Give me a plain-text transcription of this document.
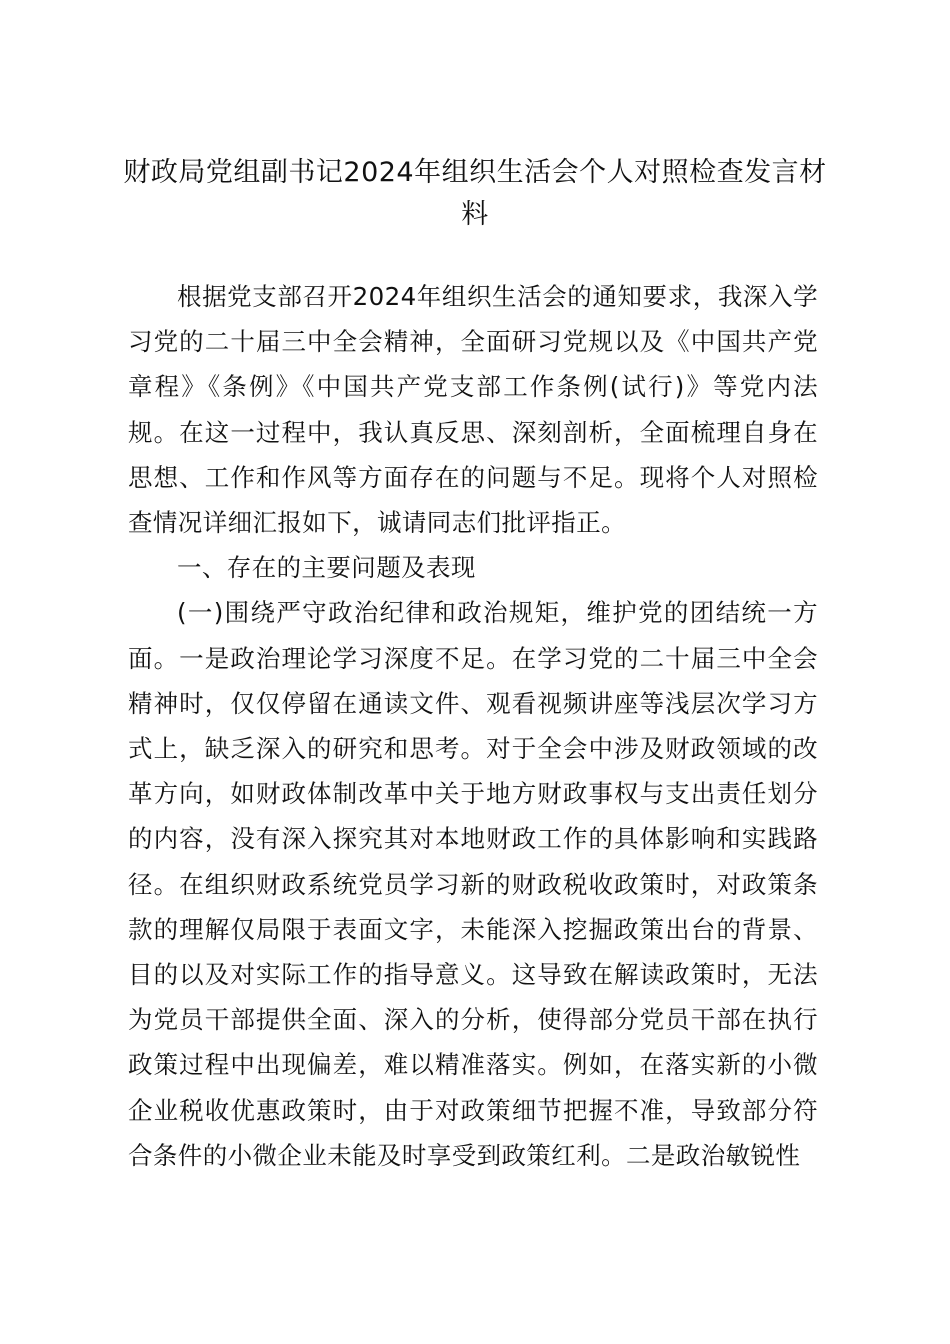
财政局党组副书记2024年组织生活会个人对照检查发言材料

根据党支部召开2024年组织生活会的通知要求，我深入学习党的二十届三中全会精神，全面研习党规以及《中国共产党章程》《条例》《中国共产党支部工作条例(试行)》等党内法规。在这一过程中，我认真反思、深刻剖析，全面梳理自身在思想、工作和作风等方面存在的问题与不足。现将个人对照检查情况详细汇报如下，诚请同志们批评指正。

一、存在的主要问题及表现

(一)围绕严守政治纪律和政治规矩，维护党的团结统一方面。一是政治理论学习深度不足。在学习党的二十届三中全会精神时，仅仅停留在通读文件、观看视频讲座等浅层次学习方式上，缺乏深入的研究和思考。对于全会中涉及财政领域的改革方向，如财政体制改革中关于地方财政事权与支出责任划分的内容，没有深入探究其对本地财政工作的具体影响和实践路径。在组织财政系统党员学习新的财政税收政策时，对政策条款的理解仅局限于表面文字，未能深入挖掘政策出台的背景、目的以及对实际工作的指导意义。这导致在解读政策时，无法为党员干部提供全面、深入的分析，使得部分党员干部在执行政策过程中出现偏差，难以精准落实。例如，在落实新的小微企业税收优惠政策时，由于对政策细节把握不准，导致部分符合条件的小微企业未能及时享受到政策红利。二是政治敏锐性
